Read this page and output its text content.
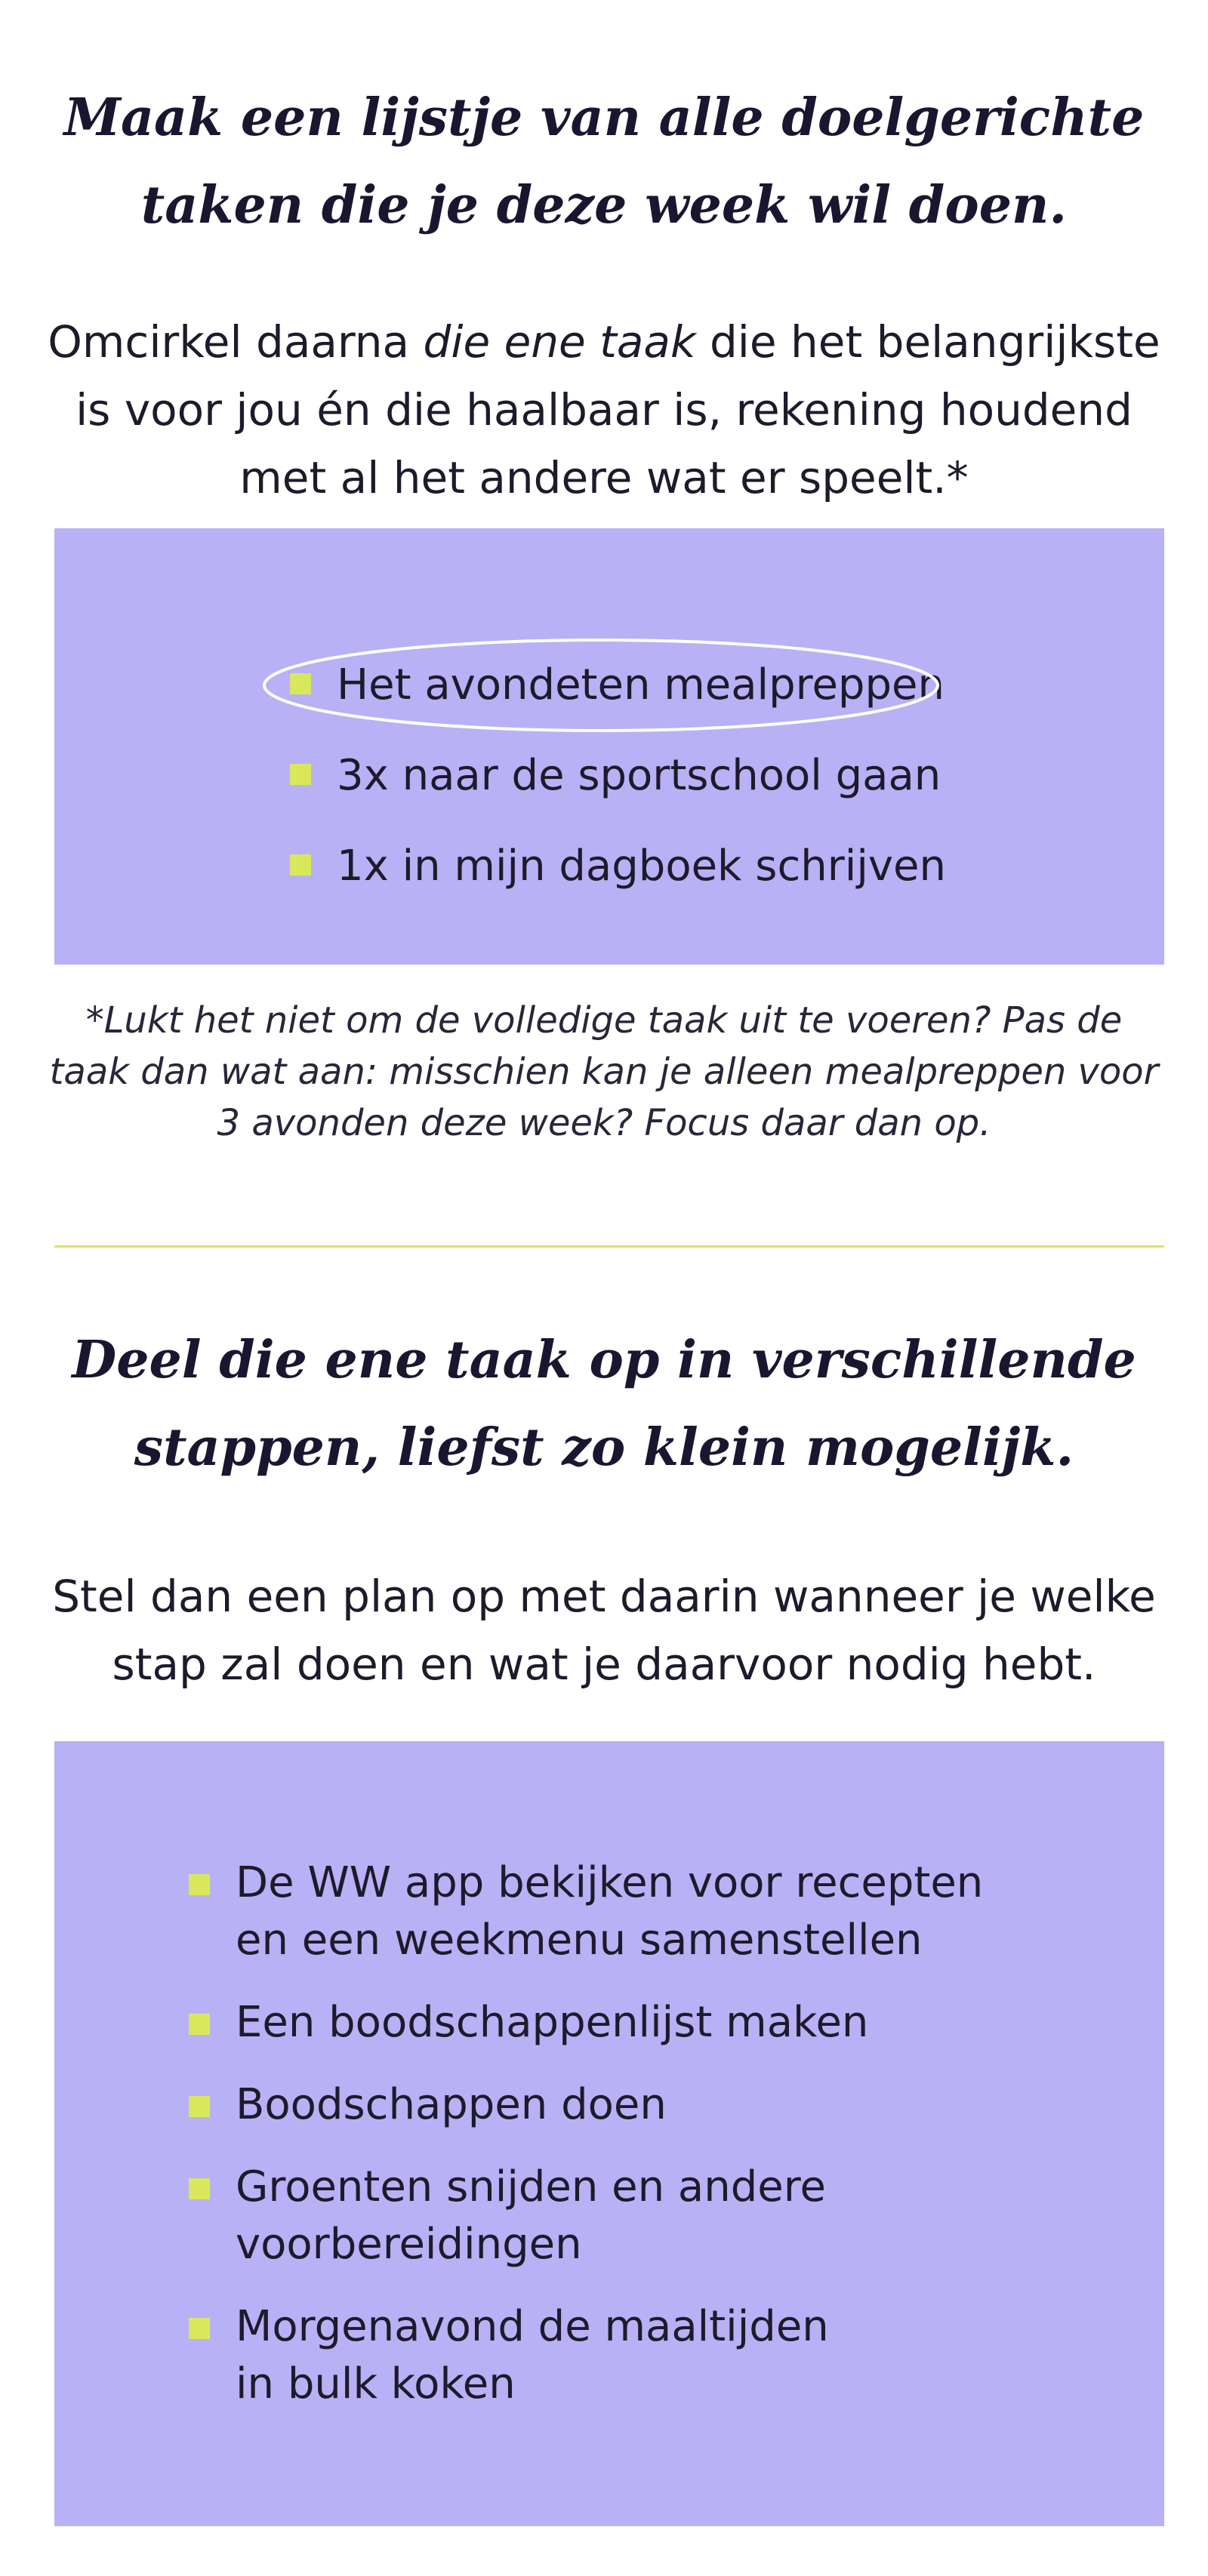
Maak een lijstje van alle doelgerichte
taken die je deze week wil doen.

Omcirkel daarna die ene taak die het belangrijkste
is voor jou én die haalbaar is, rekening houdend
met al het andere wat er speelt.*

Het avondeten mealpreppen
3x naar de sportschool gaan
1x in mijn dagboek schrijven

*Lukt het niet om de volledige taak uit te voeren? Pas de
taak dan wat aan: misschien kan je alleen mealpreppen voor
3 avonden deze week? Focus daar dan op.

Deel die ene taak op in verschillende
stappen, liefst zo klein mogelijk.

Stel dan een plan op met daarin wanneer je welke
stap zal doen en wat je daarvoor nodig hebt.

De WW app bekijken voor recepten
en een weekmenu samenstellen
Een boodschappenlijst maken
Boodschappen doen
Groenten snijden en andere
voorbereidingen
Morgenavond de maaltijden
in bulk koken
